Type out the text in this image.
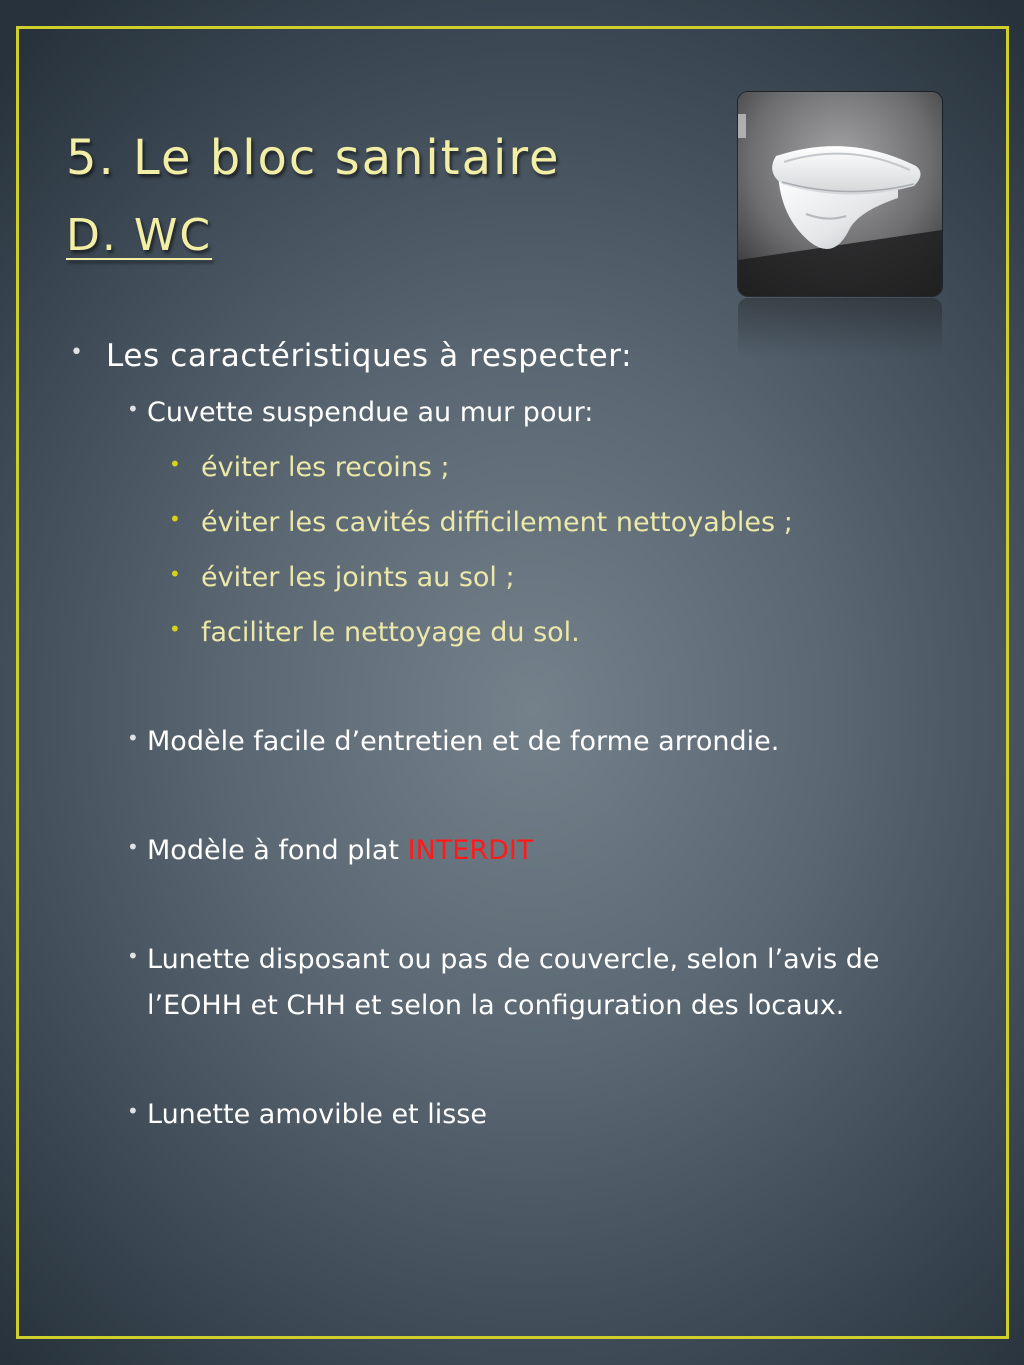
5. Le bloc sanitaire
D. WC
• Les caractéristiques à respecter:
• Cuvette suspendue au mur pour:
• éviter les recoins ;
• éviter les cavités difficilement nettoyables ;
• éviter les joints au sol ;
• faciliter le nettoyage du sol.
• Modèle facile d’entretien et de forme arrondie.
• Modèle à fond plat INTERDIT
• Lunette disposant ou pas de couvercle, selon l’avis de
l’EOHH et CHH et selon la configuration des locaux.
• Lunette amovible et lisse
